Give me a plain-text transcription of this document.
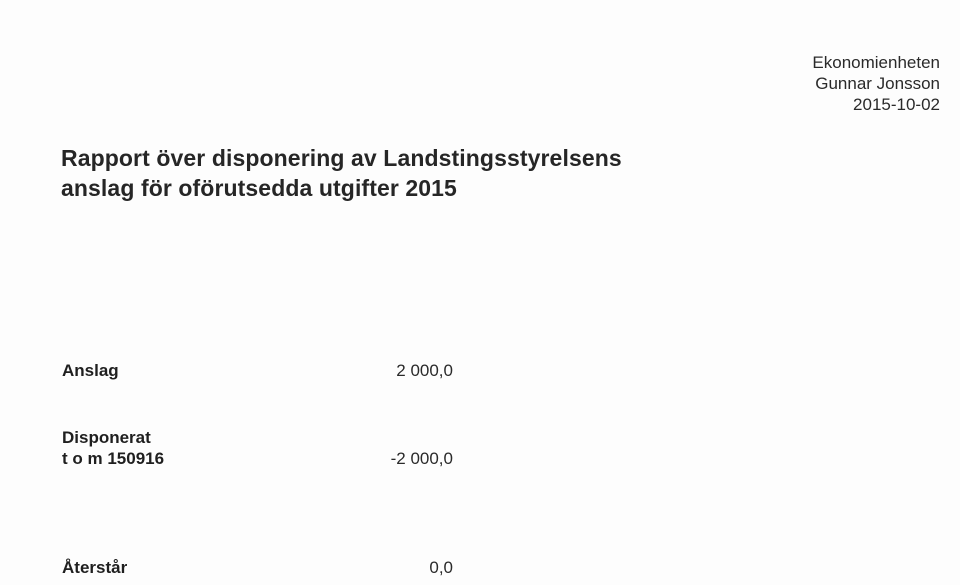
Ekonomienheten
Gunnar Jonsson
2015-10-02
Rapport över disponering av Landstingsstyrelsens
anslag för oförutsedda utgifter 2015
Anslag	2 000,0
Disponerat
t o m 150916	-2 000,0
Återstår	0,0
